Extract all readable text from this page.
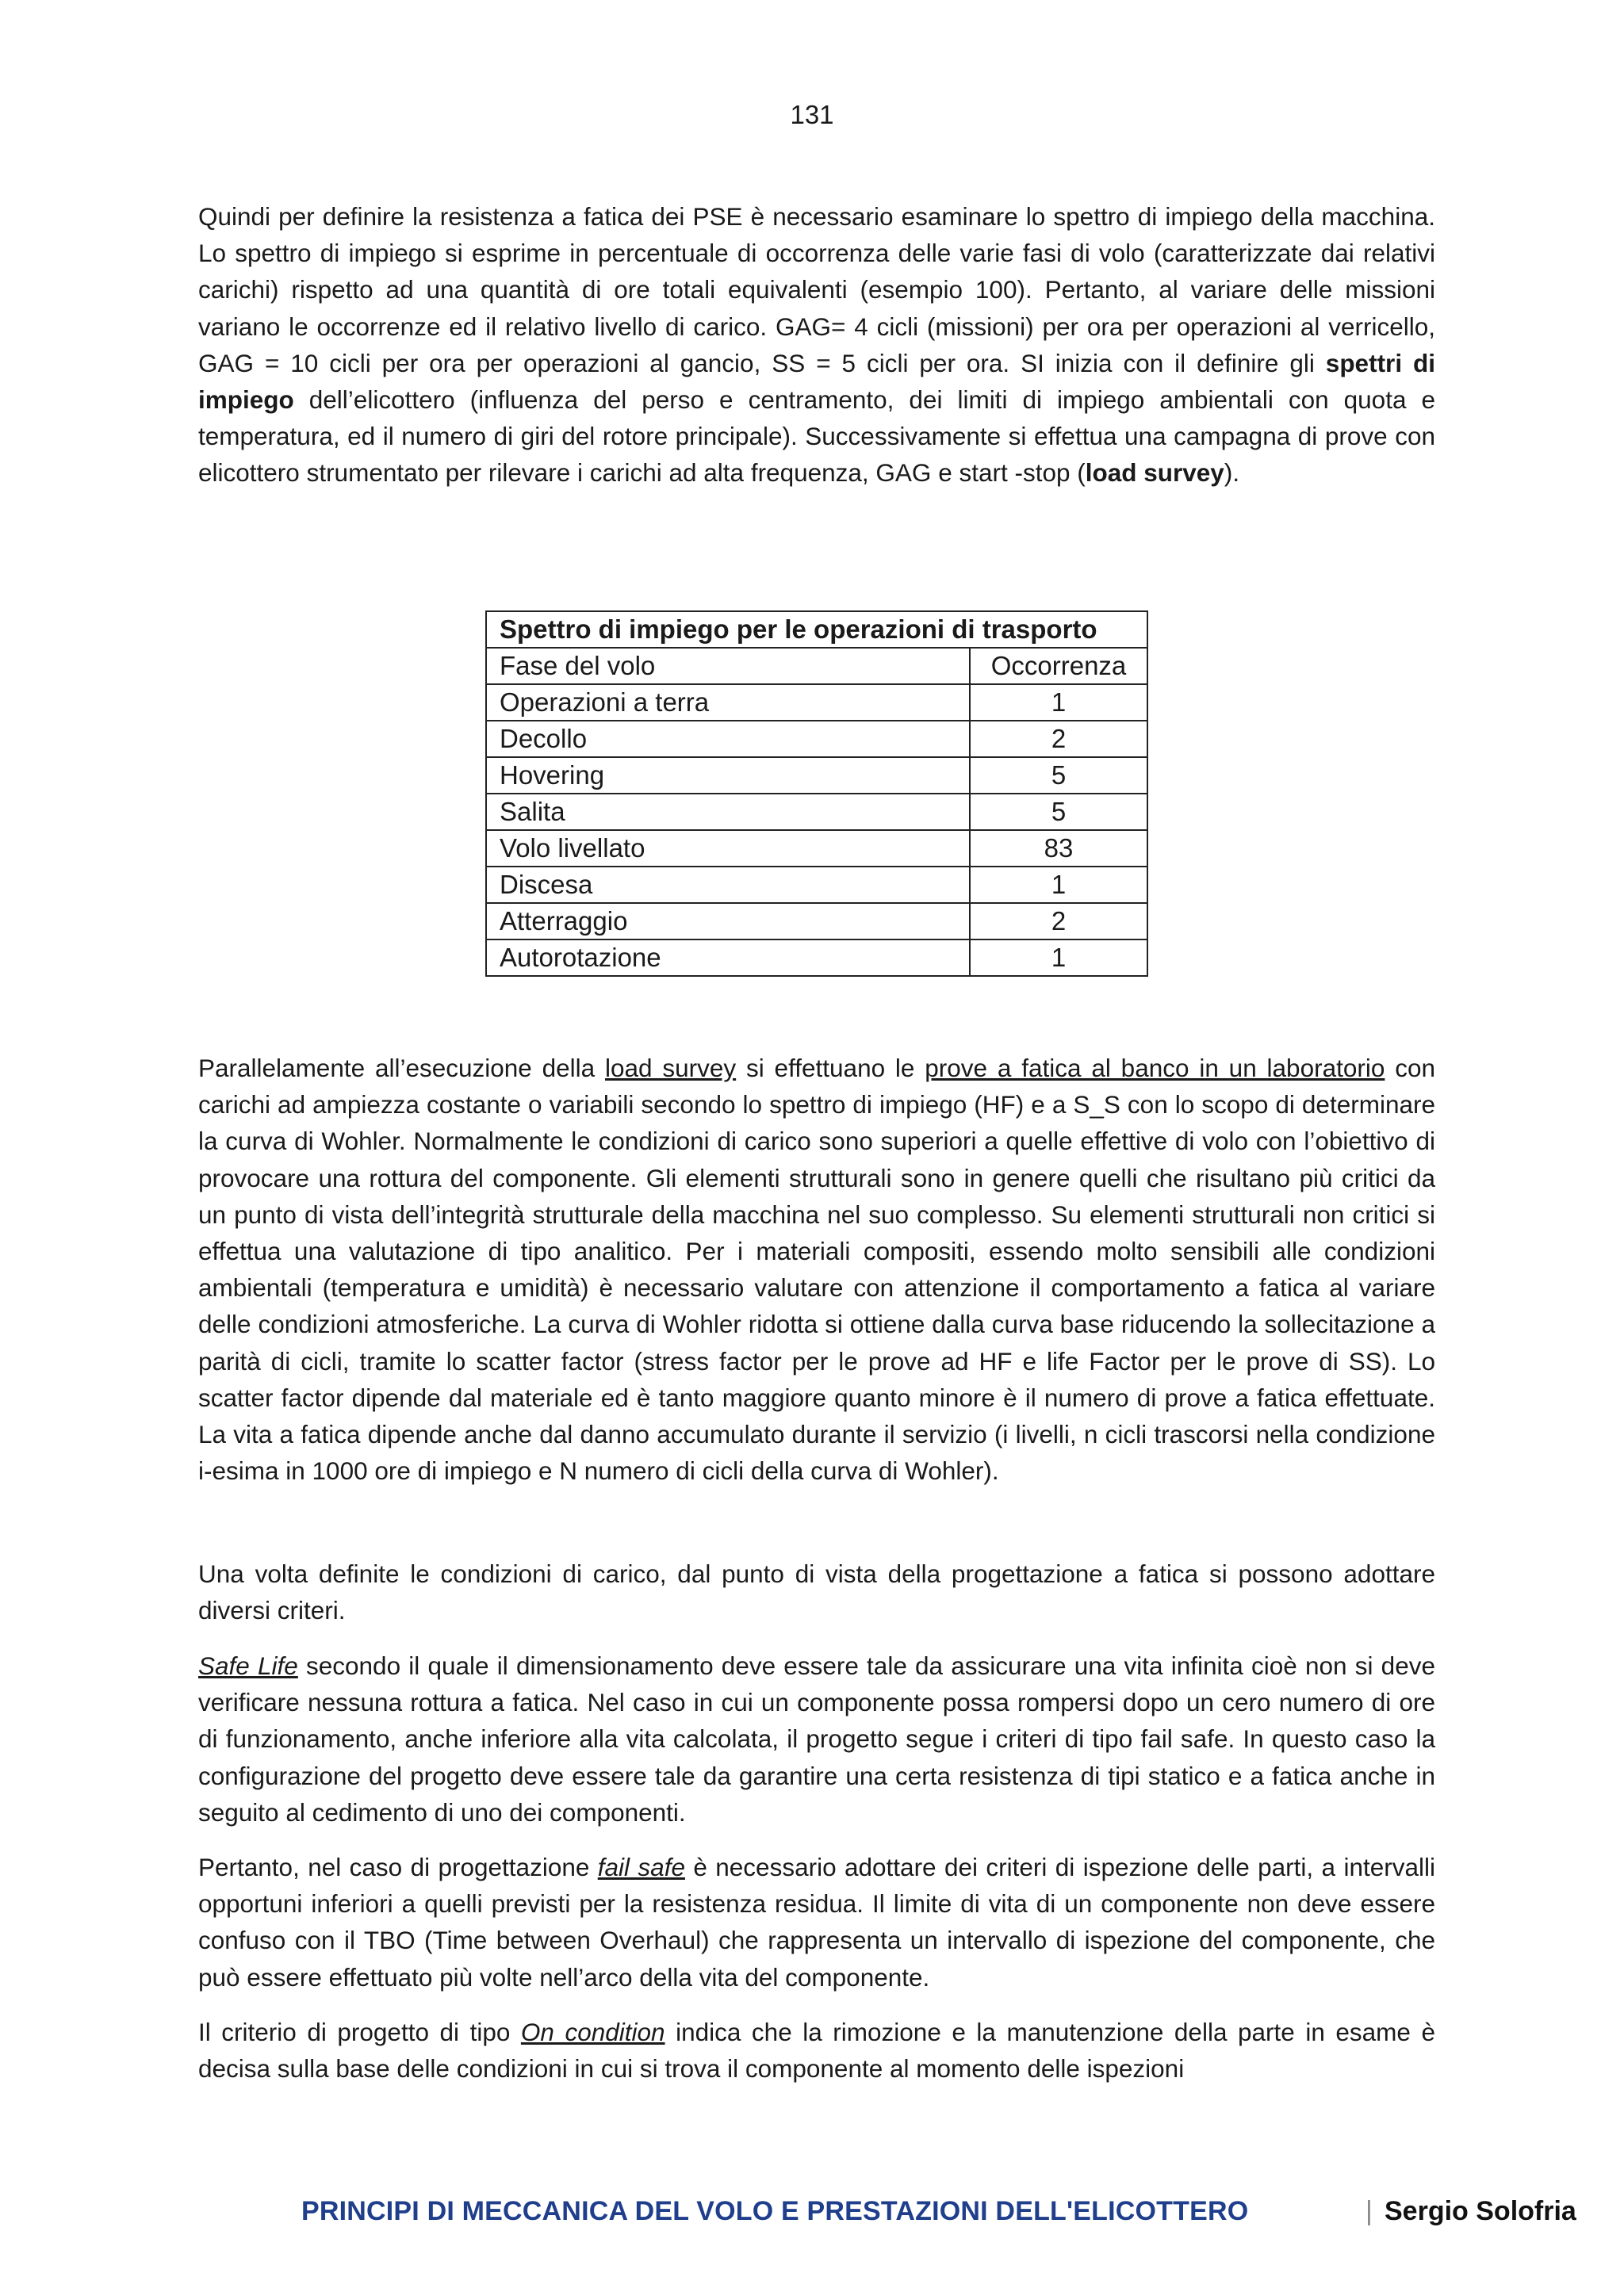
131

Quindi per definire la resistenza a fatica dei PSE è necessario esaminare lo spettro di impiego della macchina. Lo spettro di impiego si esprime in percentuale di occorrenza delle varie fasi di volo (caratterizzate dai relativi carichi) rispetto ad una quantità di ore totali equivalenti (esempio 100). Pertanto, al variare delle missioni variano le occorrenze ed il relativo livello di carico. GAG= 4 cicli (missioni) per ora per operazioni al verricello, GAG = 10 cicli per ora per operazioni al gancio, SS = 5 cicli per ora. SI inizia con il definire gli spettri di impiego dell’elicottero (influenza del perso e centramento, dei limiti di impiego ambientali con quota e temperatura, ed il numero di giri del rotore principale). Successivamente si effettua una campagna di prove con elicottero strumentato per rilevare i carichi ad alta frequenza, GAG e start -stop (load survey).

Spettro di impiego per le operazioni di trasporto	
Fase del volo	Occorrenza
Operazioni a terra	1
Decollo	2
Hovering	5
Salita	5
Volo livellato	83
Discesa	1
Atterraggio	2
Autorotazione	1

Parallelamente all’esecuzione della load survey si effettuano le prove a fatica al banco in un laboratorio con carichi ad ampiezza costante o variabili secondo lo spettro di impiego (HF) e a S_S con lo scopo di determinare la curva di Wohler. Normalmente le condizioni di carico sono superiori a quelle effettive di volo con l’obiettivo di provocare una rottura del componente. Gli elementi strutturali sono in genere quelli che risultano più critici da un punto di vista dell’integrità strutturale della macchina nel suo complesso. Su elementi strutturali non critici si effettua una valutazione di tipo analitico. Per i materiali compositi, essendo molto sensibili alle condizioni ambientali (temperatura e umidità) è necessario valutare con attenzione il comportamento a fatica al variare delle condizioni atmosferiche. La curva di Wohler ridotta si ottiene dalla curva base riducendo la sollecitazione a parità di cicli, tramite lo scatter factor (stress factor per le prove ad HF e life Factor per le prove di SS). Lo scatter factor dipende dal materiale ed è tanto maggiore quanto minore è il numero di prove a fatica effettuate. La vita a fatica dipende anche dal danno accumulato durante il servizio (i livelli, n cicli trascorsi nella condizione i-esima in 1000 ore di impiego e N numero di cicli della curva di Wohler).

Una volta definite le condizioni di carico, dal punto di vista della progettazione a fatica si possono adottare diversi criteri.

Safe Life secondo il quale il dimensionamento deve essere tale da assicurare una vita infinita cioè non si deve verificare nessuna rottura a fatica. Nel caso in cui un componente possa rompersi dopo un cero numero di ore di funzionamento, anche inferiore alla vita calcolata, il progetto segue i criteri di tipo fail safe. In questo caso la configurazione del progetto deve essere tale da garantire una certa resistenza di tipi statico e a fatica anche in seguito al cedimento di uno dei componenti.

Pertanto, nel caso di progettazione fail safe è necessario adottare dei criteri di ispezione delle parti, a intervalli opportuni inferiori a quelli previsti per la resistenza residua. Il limite di vita di un componente non deve essere confuso con il TBO (Time between Overhaul) che rappresenta un intervallo di ispezione del componente, che può essere effettuato più volte nell’arco della vita del componente.

Il criterio di progetto di tipo On condition indica che la rimozione e la manutenzione della parte in esame è decisa sulla base delle condizioni in cui si trova il componente al momento delle ispezioni

PRINCIPI DI MECCANICA DEL VOLO E PRESTAZIONI DELL'ELICOTTERO	| Sergio Solofria
